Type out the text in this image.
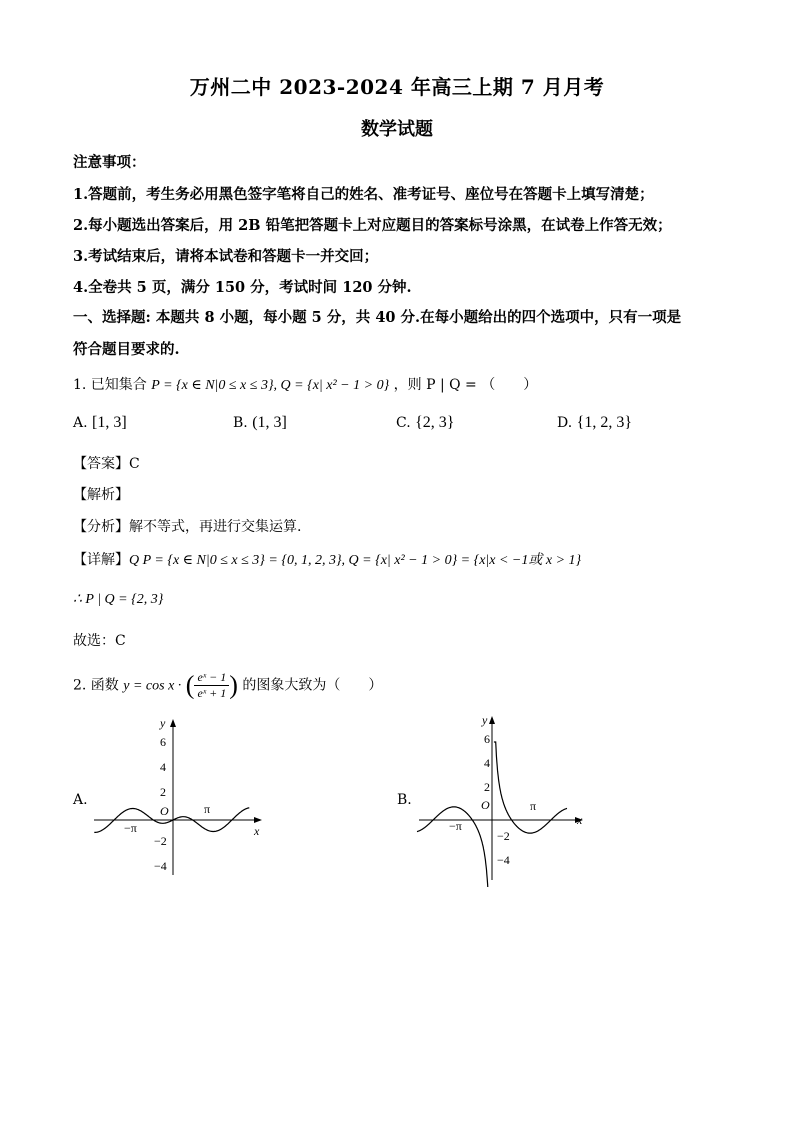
万州二中 2023-2024 年高三上期 7 月月考
数学试题
注意事项：
1.答题前，考生务必用黑色签字笔将自己的姓名、准考证号、座位号在答题卡上填写清楚；
2.每小题选出答案后，用 2B 铅笔把答题卡上对应题目的答案标号涂黑，在试卷上作答无效；
3.考试结束后，请将本试卷和答题卡一并交回；
4.全卷共 5 页，满分 150 分，考试时间 120 分钟.
一、选择题: 本题共 8 小题，每小题 5 分，共 40 分.在每小题给出的四个选项中，只有一项是
符合题目要求的.
1. 已知集合 P = {x ∈ N|0 ≤ x ≤ 3}, Q = {x| x² − 1 > 0} ，则 P | Q = （　　）
A. [1, 3]	B. (1, 3]	C. {2, 3}	D. {1, 2, 3}
【答案】C
【解析】
【分析】解不等式，再进行交集运算.
【详解】Q P = {x ∈ N|0 ≤ x ≤ 3} = {0, 1, 2, 3}, Q = {x| x² − 1 > 0} = {x|x < −1或 x > 1}
∴ P | Q = {2, 3}
故选：C
2. 函数 y = cos x · ( $\frac{\text{eˣ − 1}}{\text{eˣ + 1}}$ ) 的图象大致为（　　）
A.	B.
y
x
O
6
4
2
−2
−4
−π
π
y
x
O
6
4
2
−2
−4
−π
π
